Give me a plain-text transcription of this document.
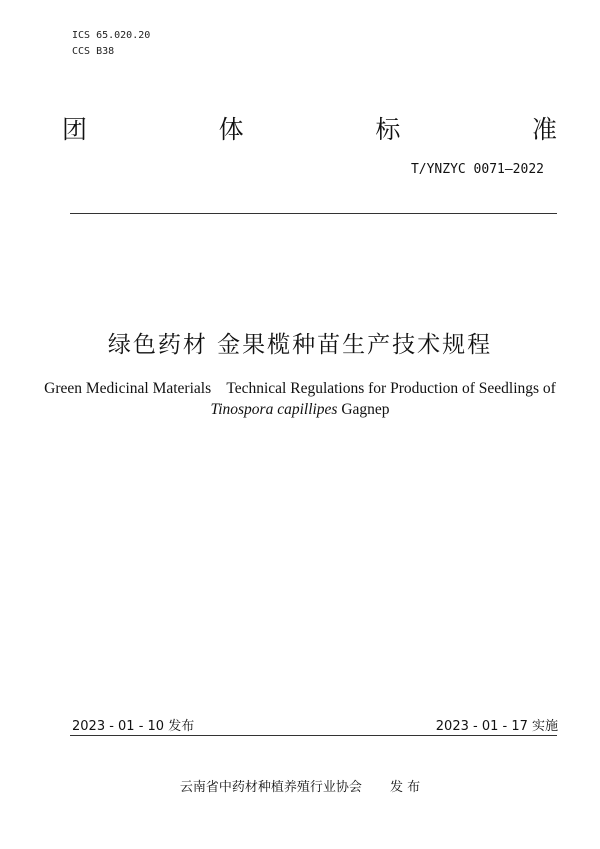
ICS 65.020.20
CCS B38
团	体	标	准
T/YNZYC 0071—2022
绿色药材 金果榄种苗生产技术规程
Green Medicinal Materials    Technical Regulations for Production of Seedlings of
Tinospora capillipes Gagnep
2023 - 01 - 10 发布	2023 - 01 - 17 实施
云南省中药材种植养殖行业协会 发 布
